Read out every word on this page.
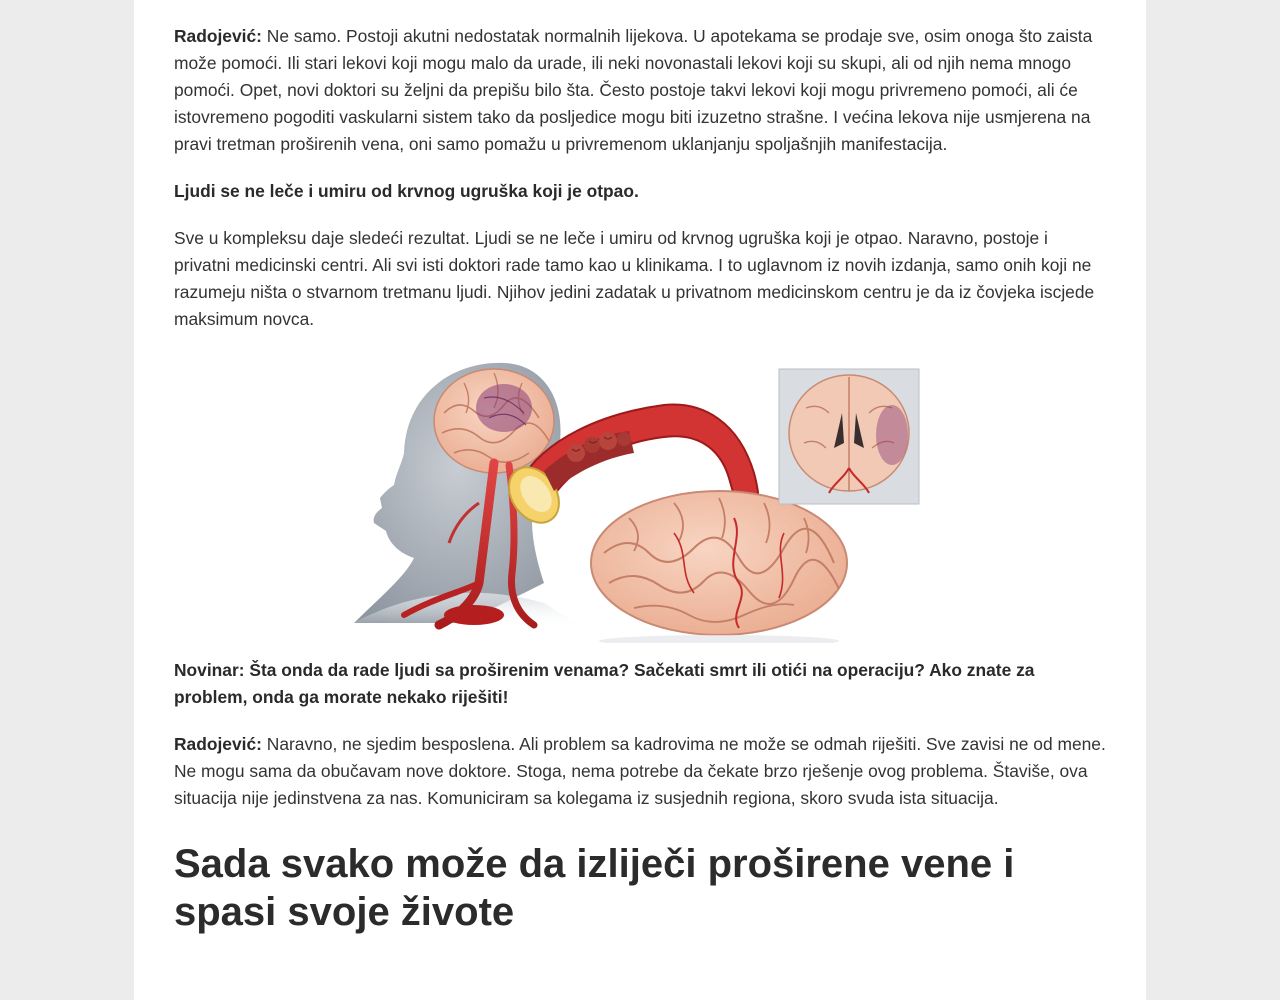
Radojević: Ne samo. Postoji akutni nedostatak normalnih lijekova. U apotekama se prodaje sve, osim onoga što zaista može pomoći. Ili stari lekovi koji mogu malo da urade, ili neki novonastali lekovi koji su skupi, ali od njih nema mnogo pomoći. Opet, novi doktori su željni da prepišu bilo šta. Često postoje takvi lekovi koji mogu privremeno pomoći, ali će istovremeno pogoditi vaskularni sistem tako da posljedice mogu biti izuzetno strašne. I većina lekova nije usmjerena na pravi tretman proširenih vena, oni samo pomažu u privremenom uklanjanju spoljašnjih manifestacija.

Ljudi se ne leče i umiru od krvnog ugruška koji je otpao.

Sve u kompleksu daje sledeći rezultat. Ljudi se ne leče i umiru od krvnog ugruška koji je otpao. Naravno, postoje i privatni medicinski centri. Ali svi isti doktori rade tamo kao u klinikama. I to uglavnom iz novih izdanja, samo onih koji ne razumeju ništa o stvarnom tretmanu ljudi. Njihov jedini zadatak u privatnom medicinskom centru je da iz čovjeka iscjede maksimum novca.

Novinar: Šta onda da rade ljudi sa proširenim venama? Sačekati smrt ili otići na operaciju? Ako znate za problem, onda ga morate nekako riješiti!

Radojević: Naravno, ne sjedim besposlena. Ali problem sa kadrovima ne može se odmah riješiti. Sve zavisi ne od mene. Ne mogu sama da obučavam nove doktore. Stoga, nema potrebe da čekate brzo rješenje ovog problema. Štaviše, ova situacija nije jedinstvena za nas. Komuniciram sa kolegama iz susjednih regiona, skoro svuda ista situacija.

Sada svako može da izliječi proširene vene i spasi svoje živote
